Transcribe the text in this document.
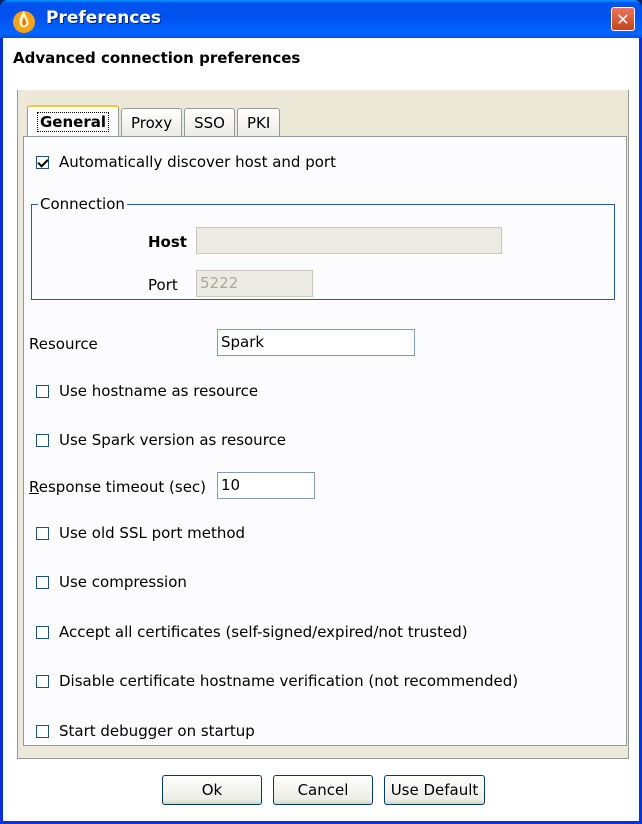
Preferences	✕
Advanced connection preferences
General Proxy SSO PKI
Automatically discover host and port
Connection
Host
Port 5222
Resource	Spark
Use hostname as resource
Use Spark version as resource
Response timeout (sec) 10
Use old SSL port method
Use compression
Accept all certificates (self-signed/expired/not trusted)
Disable certificate hostname verification (not recommended)
Start debugger on startup
Ok	Cancel	Use Default
